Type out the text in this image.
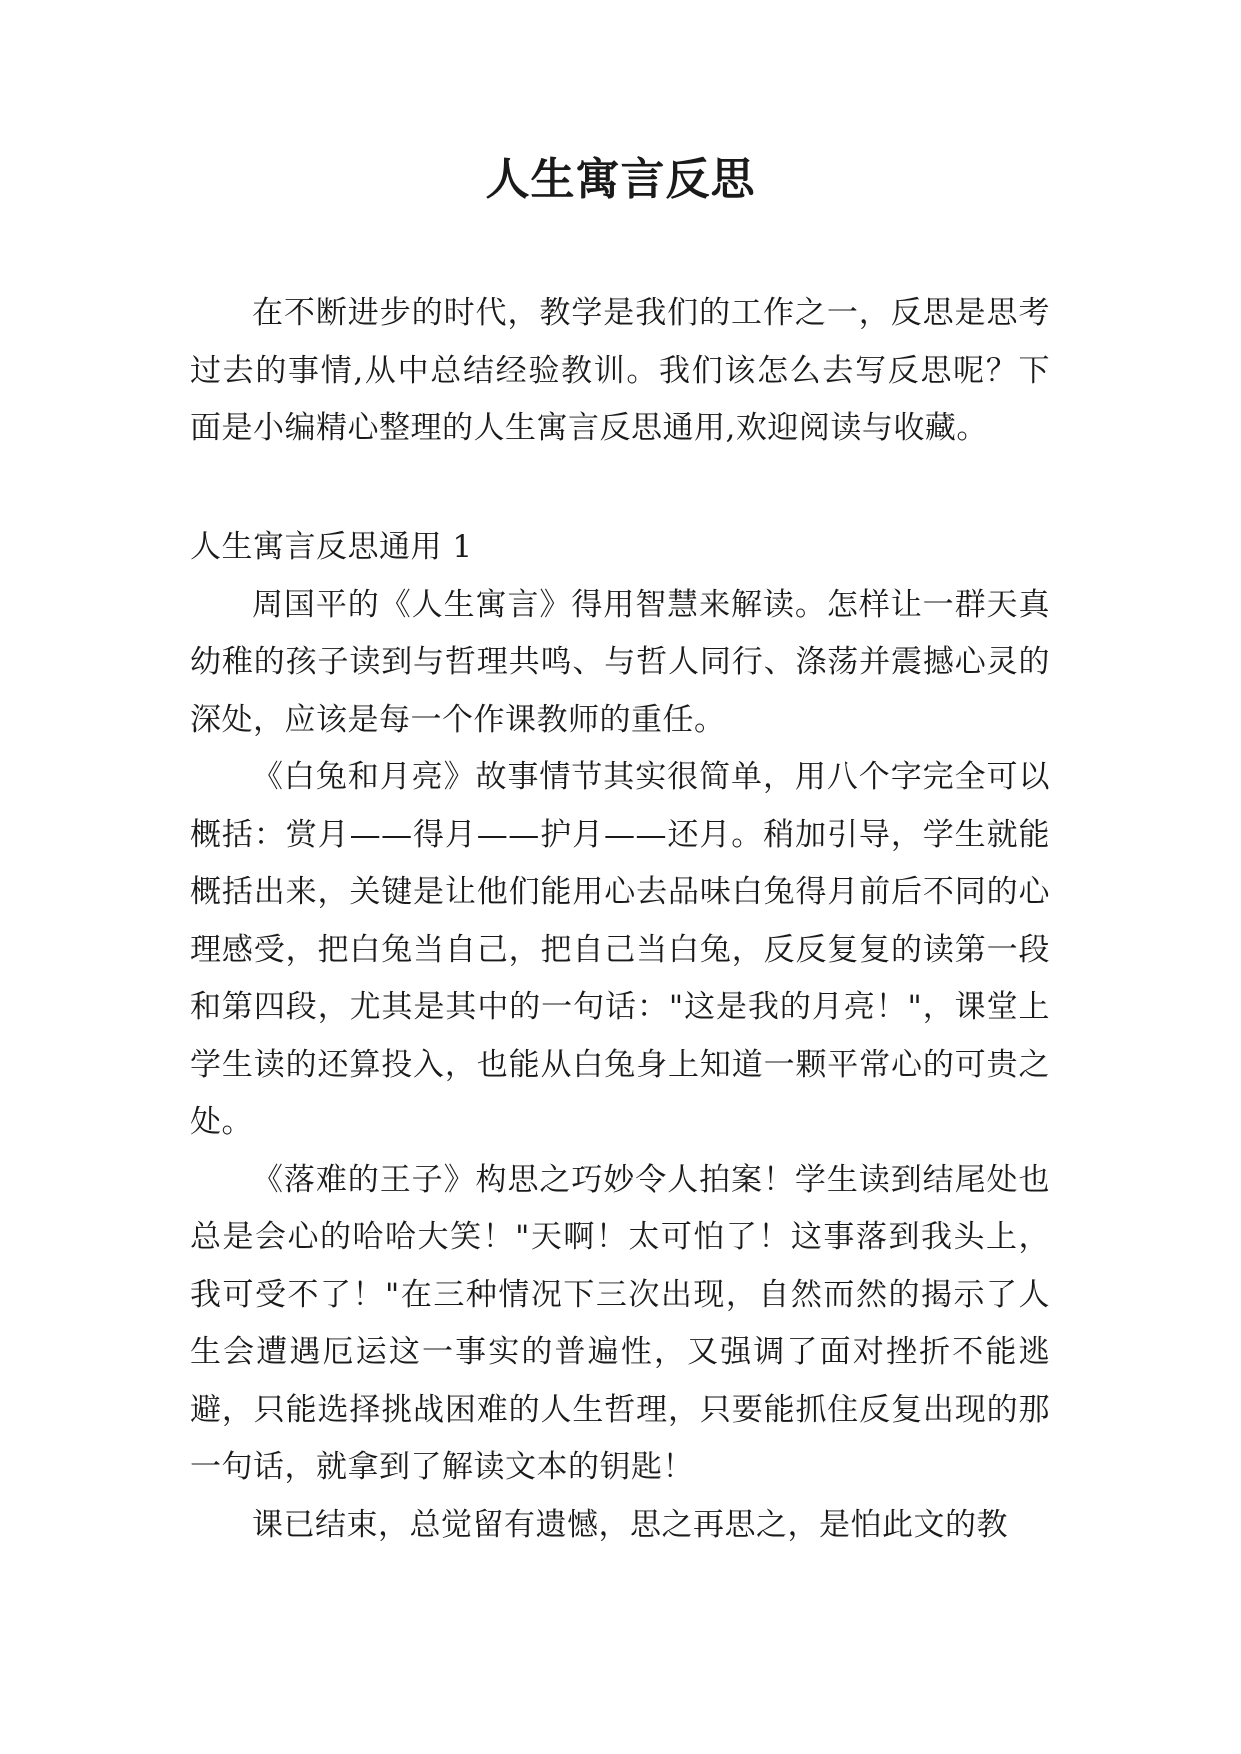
人生寓言反思

在不断进步的时代，教学是我们的工作之一，反思是思考过去的事情,从中总结经验教训。我们该怎么去写反思呢？下面是小编精心整理的人生寓言反思通用,欢迎阅读与收藏。

人生寓言反思通用 1

周国平的《人生寓言》得用智慧来解读。怎样让一群天真幼稚的孩子读到与哲理共鸣、与哲人同行、涤荡并震撼心灵的深处，应该是每一个作课教师的重任。

《白兔和月亮》故事情节其实很简单，用八个字完全可以概括：赏月——得月——护月——还月。稍加引导，学生就能概括出来，关键是让他们能用心去品味白兔得月前后不同的心理感受，把白兔当自己，把自己当白兔，反反复复的读第一段和第四段，尤其是其中的一句话："这是我的月亮！"，课堂上学生读的还算投入，也能从白兔身上知道一颗平常心的可贵之处。

《落难的王子》构思之巧妙令人拍案！学生读到结尾处也总是会心的哈哈大笑！"天啊！太可怕了！这事落到我头上，我可受不了！"在三种情况下三次出现，自然而然的揭示了人生会遭遇厄运这一事实的普遍性，又强调了面对挫折不能逃避，只能选择挑战困难的人生哲理，只要能抓住反复出现的那一句话，就拿到了解读文本的钥匙！

课已结束，总觉留有遗憾，思之再思之，是怕此文的教
